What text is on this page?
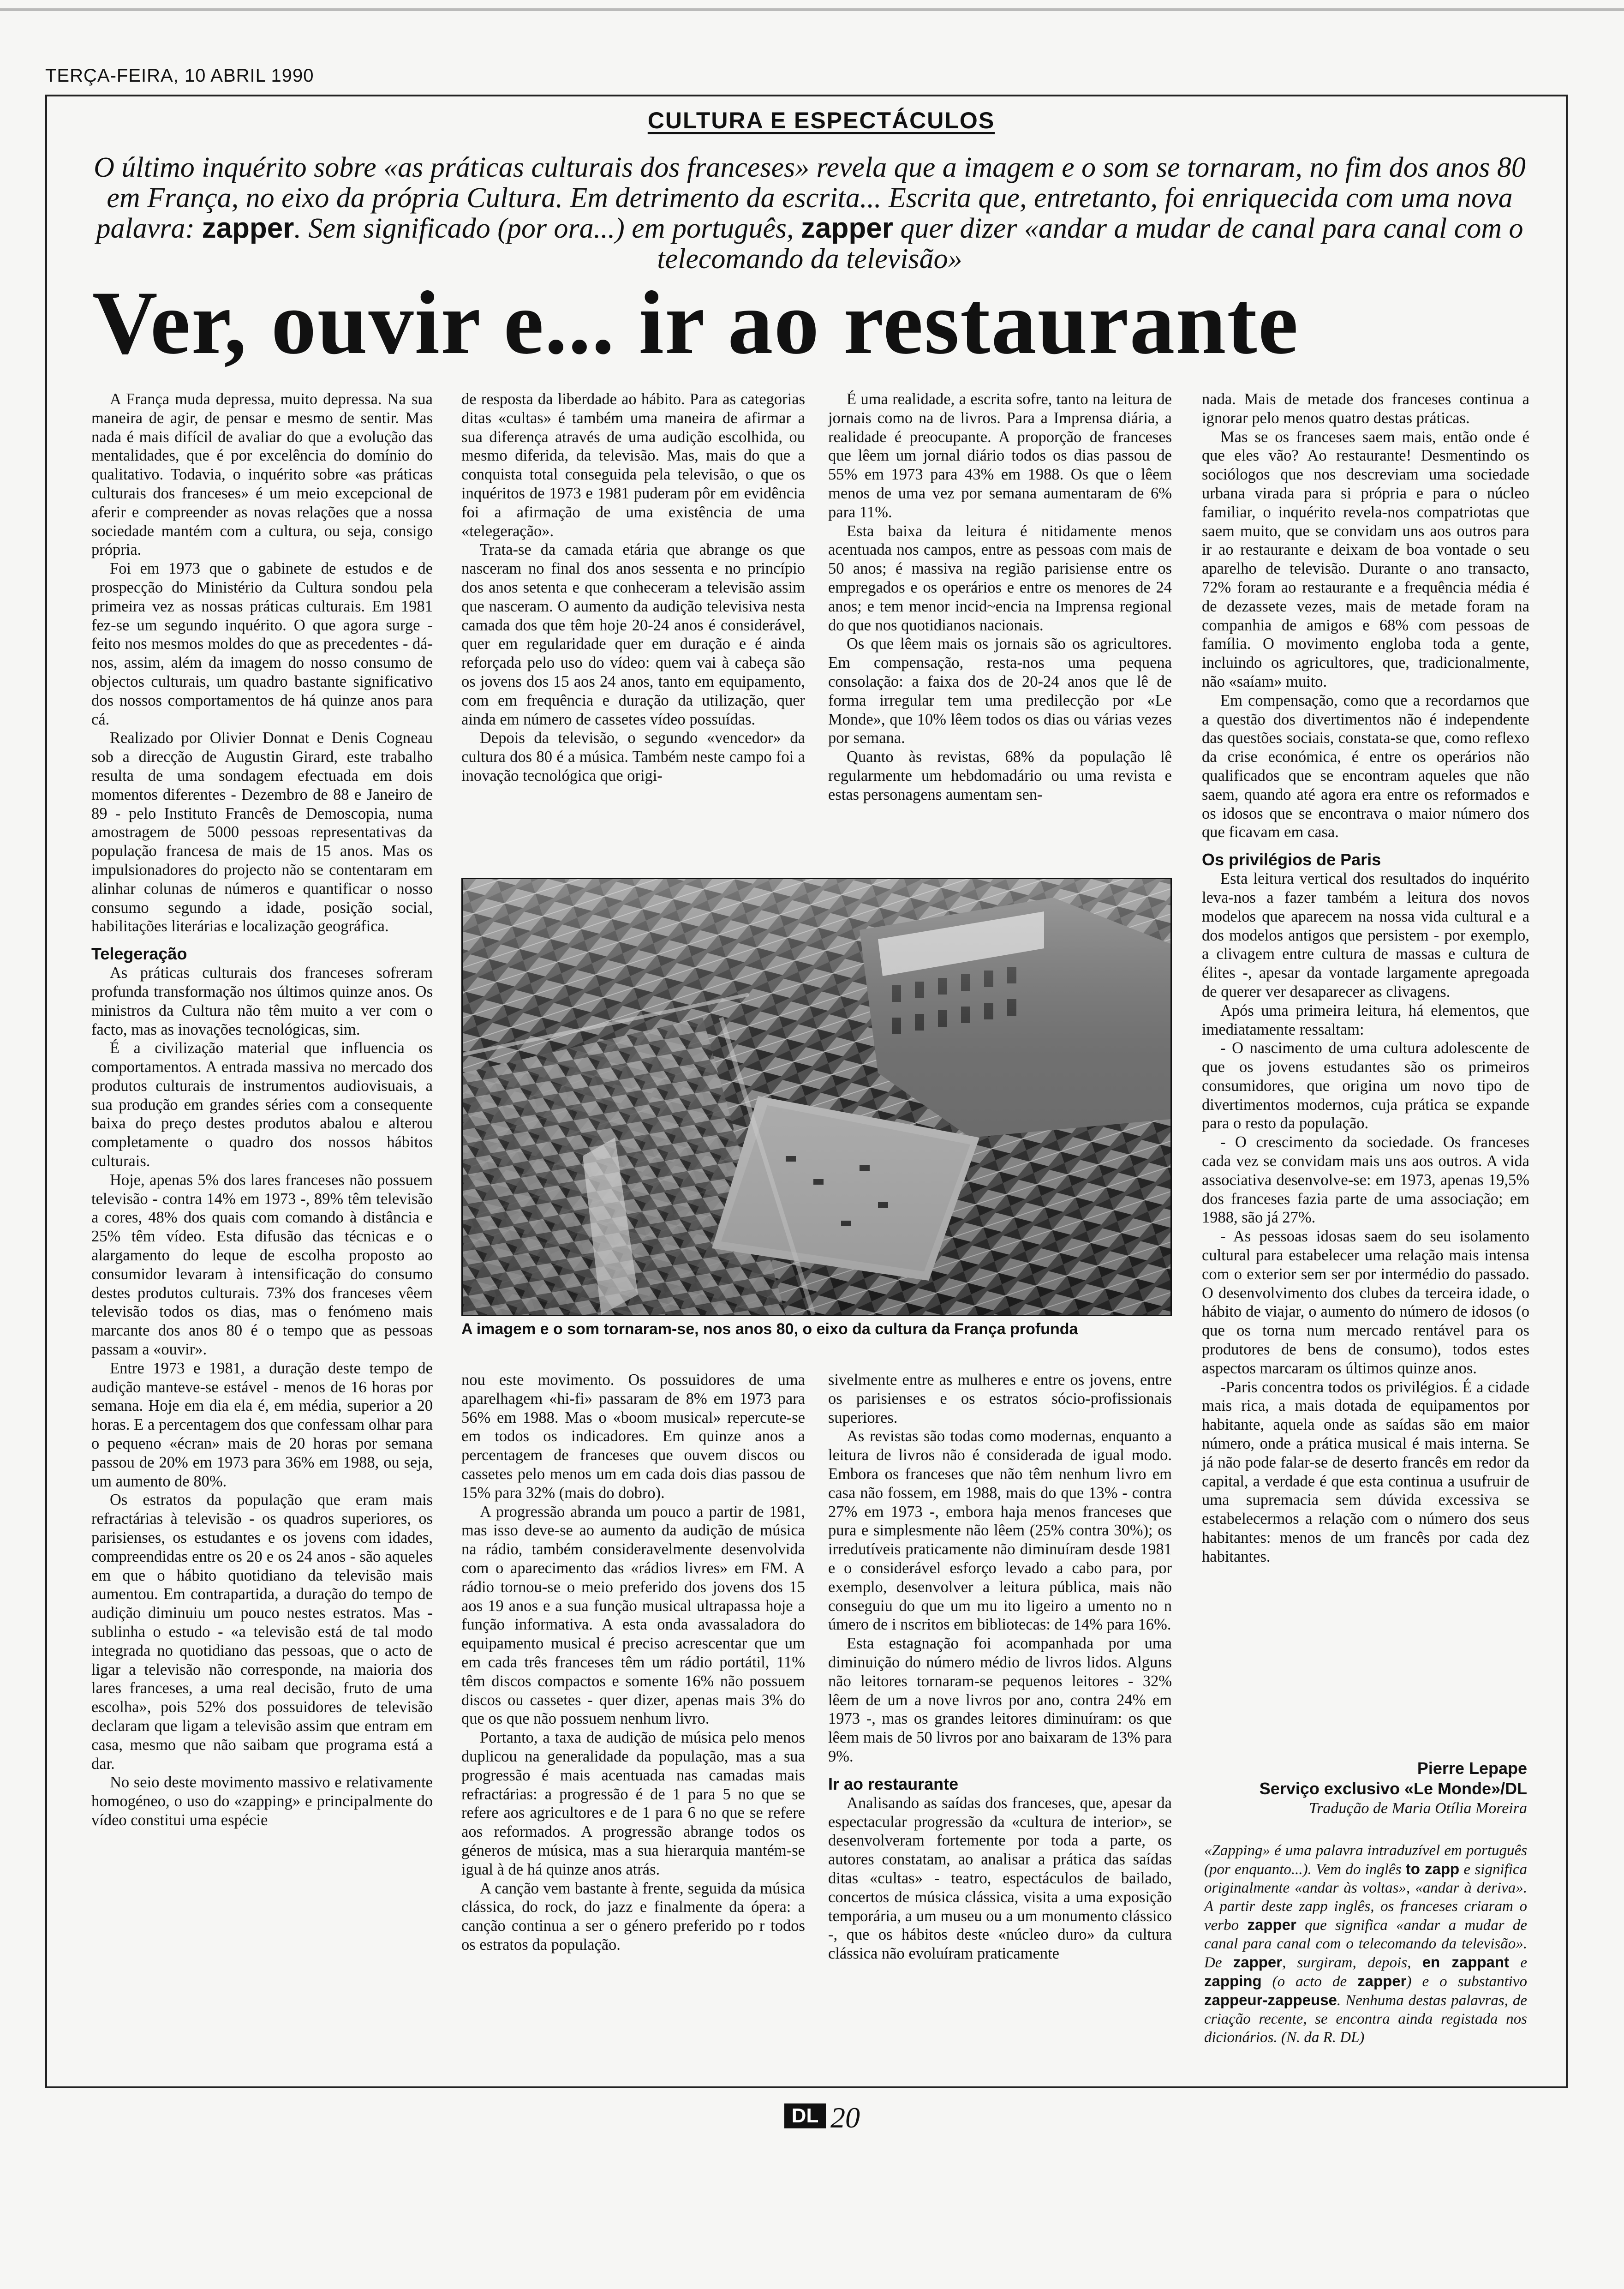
TERÇA-FEIRA, 10 ABRIL 1990
CULTURA E ESPECTÁCULOS
O último inquérito sobre «as práticas culturais dos franceses» revela que a imagem e o som se tornaram, no fim dos anos 80 em França, no eixo da própria Cultura. Em detrimento da escrita... Escrita que, entretanto, foi enriquecida com uma nova palavra: zapper. Sem significado (por ora...) em português, zapper quer dizer «andar a mudar de canal para canal com o telecomando da televisão»
Ver, ouvir e... ir ao restaurante

A França muda depressa, muito depressa. Na sua maneira de agir, de pensar e mesmo de sentir. Mas nada é mais difícil de avaliar do que a evolução das mentalidades, que é por excelência do domínio do qualitativo. Todavia, o inquérito sobre «as práticas culturais dos franceses» é um meio excepcional de aferir e compreender as novas relações que a nossa sociedade mantém com a cultura, ou seja, consigo própria.

Foi em 1973 que o gabinete de estudos e de prospecção do Ministério da Cultura sondou pela primeira vez as nossas práticas culturais. Em 1981 fez-se um segundo inquérito. O que agora surge - feito nos mesmos moldes do que as precedentes - dá-nos, assim, além da imagem do nosso consumo de objectos culturais, um quadro bastante significativo dos nossos comportamentos de há quinze anos para cá.

Realizado por Olivier Donnat e Denis Cogneau sob a direcção de Augustin Girard, este trabalho resulta de uma sondagem efectuada em dois momentos diferentes - Dezembro de 88 e Janeiro de 89 - pelo Instituto Francês de Demoscopia, numa amostragem de 5000 pessoas representativas da população francesa de mais de 15 anos. Mas os impulsionadores do projecto não se contentaram em alinhar colunas de números e quantificar o nosso consumo segundo a idade, posição social, habilitações literárias e localização geográfica.

Telegeração

As práticas culturais dos franceses sofreram profunda transformação nos últimos quinze anos. Os ministros da Cultura não têm muito a ver com o facto, mas as inovações tecnológicas, sim.

É a civilização material que influencia os comportamentos. A entrada massiva no mercado dos produtos culturais de instrumentos audiovisuais, a sua produção em grandes séries com a consequente baixa do preço destes produtos abalou e alterou completamente o quadro dos nossos hábitos culturais.

Hoje, apenas 5% dos lares franceses não possuem televisão - contra 14% em 1973 -, 89% têm televisão a cores, 48% dos quais com comando à distância e 25% têm vídeo. Esta difusão das técnicas e o alargamento do leque de escolha proposto ao consumidor levaram à intensificação do consumo destes produtos culturais. 73% dos franceses vêem televisão todos os dias, mas o fenómeno mais marcante dos anos 80 é o tempo que as pessoas passam a «ouvir».

Entre 1973 e 1981, a duração deste tempo de audição manteve-se estável - menos de 16 horas por semana. Hoje em dia ela é, em média, superior a 20 horas. E a percentagem dos que confessam olhar para o pequeno «écran» mais de 20 horas por semana passou de 20% em 1973 para 36% em 1988, ou seja, um aumento de 80%.

Os estratos da população que eram mais refractárias à televisão - os quadros superiores, os parisienses, os estudantes e os jovens com idades, compreendidas entre os 20 e os 24 anos - são aqueles em que o hábito quotidiano da televisão mais aumentou. Em contrapartida, a duração do tempo de audição diminuiu um pouco nestes estratos. Mas - sublinha o estudo - «a televisão está de tal modo integrada no quotidiano das pessoas, que o acto de ligar a televisão não corresponde, na maioria dos lares franceses, a uma real decisão, fruto de uma escolha», pois 52% dos possuidores de televisão declaram que ligam a televisão assim que entram em casa, mesmo que não saibam que programa está a dar.

No seio deste movimento massivo e relativamente homogéneo, o uso do «zapping» e principalmente do vídeo constitui uma espécie

de resposta da liberdade ao hábito. Para as categorias ditas «cultas» é também uma maneira de afirmar a sua diferença através de uma audição escolhida, ou mesmo diferida, da televisão. Mas, mais do que a conquista total conseguida pela televisão, o que os inquéritos de 1973 e 1981 puderam pôr em evidência foi a afirmação de uma existência de uma «telegeração».

Trata-se da camada etária que abrange os que nasceram no final dos anos sessenta e no princípio dos anos setenta e que conheceram a televisão assim que nasceram. O aumento da audição televisiva nesta camada dos que têm hoje 20-24 anos é considerável, quer em regularidade quer em duração e é ainda reforçada pelo uso do vídeo: quem vai à cabeça são os jovens dos 15 aos 24 anos, tanto em equipamento, com em frequência e duração da utilização, quer ainda em número de cassetes vídeo possuídas.

Depois da televisão, o segundo «vencedor» da cultura dos 80 é a música. Também neste campo foi a inovação tecnológica que origi-

É uma realidade, a escrita sofre, tanto na leitura de jornais como na de livros. Para a Imprensa diária, a realidade é preocupante. A proporção de franceses que lêem um jornal diário todos os dias passou de 55% em 1973 para 43% em 1988. Os que o lêem menos de uma vez por semana aumentaram de 6% para 11%.

Esta baixa da leitura é nitidamente menos acentuada nos campos, entre as pessoas com mais de 50 anos; é massiva na região parisiense entre os empregados e os operários e entre os menores de 24 anos; e tem menor incid~encia na Imprensa regional do que nos quotidianos nacionais.

Os que lêem mais os jornais são os agricultores. Em compensação, resta-nos uma pequena consolação: a faixa dos de 20-24 anos que lê de forma irregular tem uma predilecção por «Le Monde», que 10% lêem todos os dias ou várias vezes por semana.

Quanto às revistas, 68% da população lê regularmente um hebdomadário ou uma revista e estas personagens aumentam sen-

A imagem e o som tornaram-se, nos anos 80, o eixo da cultura da França profunda

nou este movimento. Os possuidores de uma aparelhagem «hi-fi» passaram de 8% em 1973 para 56% em 1988. Mas o «boom musical» repercute-se em todos os indicadores. Em quinze anos a percentagem de franceses que ouvem discos ou cassetes pelo menos um em cada dois dias passou de 15% para 32% (mais do dobro).

A progressão abranda um pouco a partir de 1981, mas isso deve-se ao aumento da audição de música na rádio, também consideravelmente desenvolvida com o aparecimento das «rádios livres» em FM. A rádio tornou-se o meio preferido dos jovens dos 15 aos 19 anos e a sua função musical ultrapassa hoje a função informativa. A esta onda avassaladora do equipamento musical é preciso acrescentar que um em cada três franceses têm um rádio portátil, 11% têm discos compactos e somente 16% não possuem discos ou cassetes - quer dizer, apenas mais 3% do que os que não possuem nenhum livro.

Portanto, a taxa de audição de música pelo menos duplicou na generalidade da população, mas a sua progressão é mais acentuada nas camadas mais refractárias: a progressão é de 1 para 5 no que se refere aos agricultores e de 1 para 6 no que se refere aos reformados. A progressão abrange todos os géneros de música, mas a sua hierarquia mantém-se igual à de há quinze anos atrás.

A canção vem bastante à frente, seguida da música clássica, do rock, do jazz e finalmente da ópera: a canção continua a ser o género preferido po r todos os estratos da população.

sivelmente entre as mulheres e entre os jovens, entre os parisienses e os estratos sócio-profissionais superiores.

As revistas são todas como modernas, enquanto a leitura de livros não é considerada de igual modo. Embora os franceses que não têm nenhum livro em casa não fossem, em 1988, mais do que 13% - contra 27% em 1973 -, embora haja menos franceses que pura e simplesmente não lêem (25% contra 30%); os irredutíveis praticamente não diminuíram desde 1981 e o considerável esforço levado a cabo para, por exemplo, desenvolver a leitura pública, mais não conseguiu do que um mu ito ligeiro a umento no n úmero de i nscritos em bibliotecas: de 14% para 16%.

Esta estagnação foi acompanhada por uma diminuição do número médio de livros lidos. Alguns não leitores tornaram-se pequenos leitores - 32% lêem de um a nove livros por ano, contra 24% em 1973 -, mas os grandes leitores diminuíram: os que lêem mais de 50 livros por ano baixaram de 13% para 9%.

Ir ao restaurante

Analisando as saídas dos franceses, que, apesar da espectacular progressão da «cultura de interior», se desenvolveram fortemente por toda a parte, os autores constatam, ao analisar a prática das saídas ditas «cultas» - teatro, espectáculos de bailado, concertos de música clássica, visita a uma exposição temporária, a um museu ou a um monumento clássico -, que os hábitos deste «núcleo duro» da cultura clássica não evoluíram praticamente

nada. Mais de metade dos franceses continua a ignorar pelo menos quatro destas práticas.

Mas se os franceses saem mais, então onde é que eles vão? Ao restaurante! Desmentindo os sociólogos que nos descreviam uma sociedade urbana virada para si própria e para o núcleo familiar, o inquérito revela-nos compatriotas que saem muito, que se convidam uns aos outros para ir ao restaurante e deixam de boa vontade o seu aparelho de televisão. Durante o ano transacto, 72% foram ao restaurante e a frequência média é de dezassete vezes, mais de metade foram na companhia de amigos e 68% com pessoas de família. O movimento engloba toda a gente, incluindo os agricultores, que, tradicionalmente, não «saíam» muito.

Em compensação, como que a recordarnos que a questão dos divertimentos não é independente das questões sociais, constata-se que, como reflexo da crise económica, é entre os operários não qualificados que se encontram aqueles que não saem, quando até agora era entre os reformados e os idosos que se encontrava o maior número dos que ficavam em casa.

Os privilégios de Paris

Esta leitura vertical dos resultados do inquérito leva-nos a fazer também a leitura dos novos modelos que aparecem na nossa vida cultural e a dos modelos antigos que persistem - por exemplo, a clivagem entre cultura de massas e cultura de élites -, apesar da vontade largamente apregoada de querer ver desaparecer as clivagens.

Após uma primeira leitura, há elementos, que imediatamente ressaltam:

- O nascimento de uma cultura adolescente de que os jovens estudantes são os primeiros consumidores, que origina um novo tipo de divertimentos modernos, cuja prática se expande para o resto da população.

- O crescimento da sociedade. Os franceses cada vez se convidam mais uns aos outros. A vida associativa desenvolve-se: em 1973, apenas 19,5% dos franceses fazia parte de uma associação; em 1988, são já 27%.

- As pessoas idosas saem do seu isolamento cultural para estabelecer uma relação mais intensa com o exterior sem ser por intermédio do passado. O desenvolvimento dos clubes da terceira idade, o hábito de viajar, o aumento do número de idosos (o que os torna num mercado rentável para os produtores de bens de consumo), todos estes aspectos marcaram os últimos quinze anos.

-Paris concentra todos os privilégios. É a cidade mais rica, a mais dotada de equipamentos por habitante, aquela onde as saídas são em maior número, onde a prática musical é mais interna. Se já não pode falar-se de deserto francês em redor da capital, a verdade é que esta continua a usufruir de uma supremacia sem dúvida excessiva se estabelecermos a relação com o número dos seus habitantes: menos de um francês por cada dez habitantes.

Pierre Lepape
Serviço exclusivo «Le Monde»/DL
Tradução de Maria Otília Moreira
«Zapping» é uma palavra intraduzível em português (por enquanto...). Vem do inglês to zapp e significa originalmente «andar às voltas», «andar à deriva». A partir deste zapp inglês, os franceses criaram o verbo zapper que significa «andar a mudar de canal para canal com o telecomando da televisão». De zapper, surgiram, depois, en zappant e zapping (o acto de zapper) e o substantivo zappeur-zappeuse. Nenhuma destas palavras, de criação recente, se encontra ainda registada nos dicionários. (N. da R. DL)
DL 20
